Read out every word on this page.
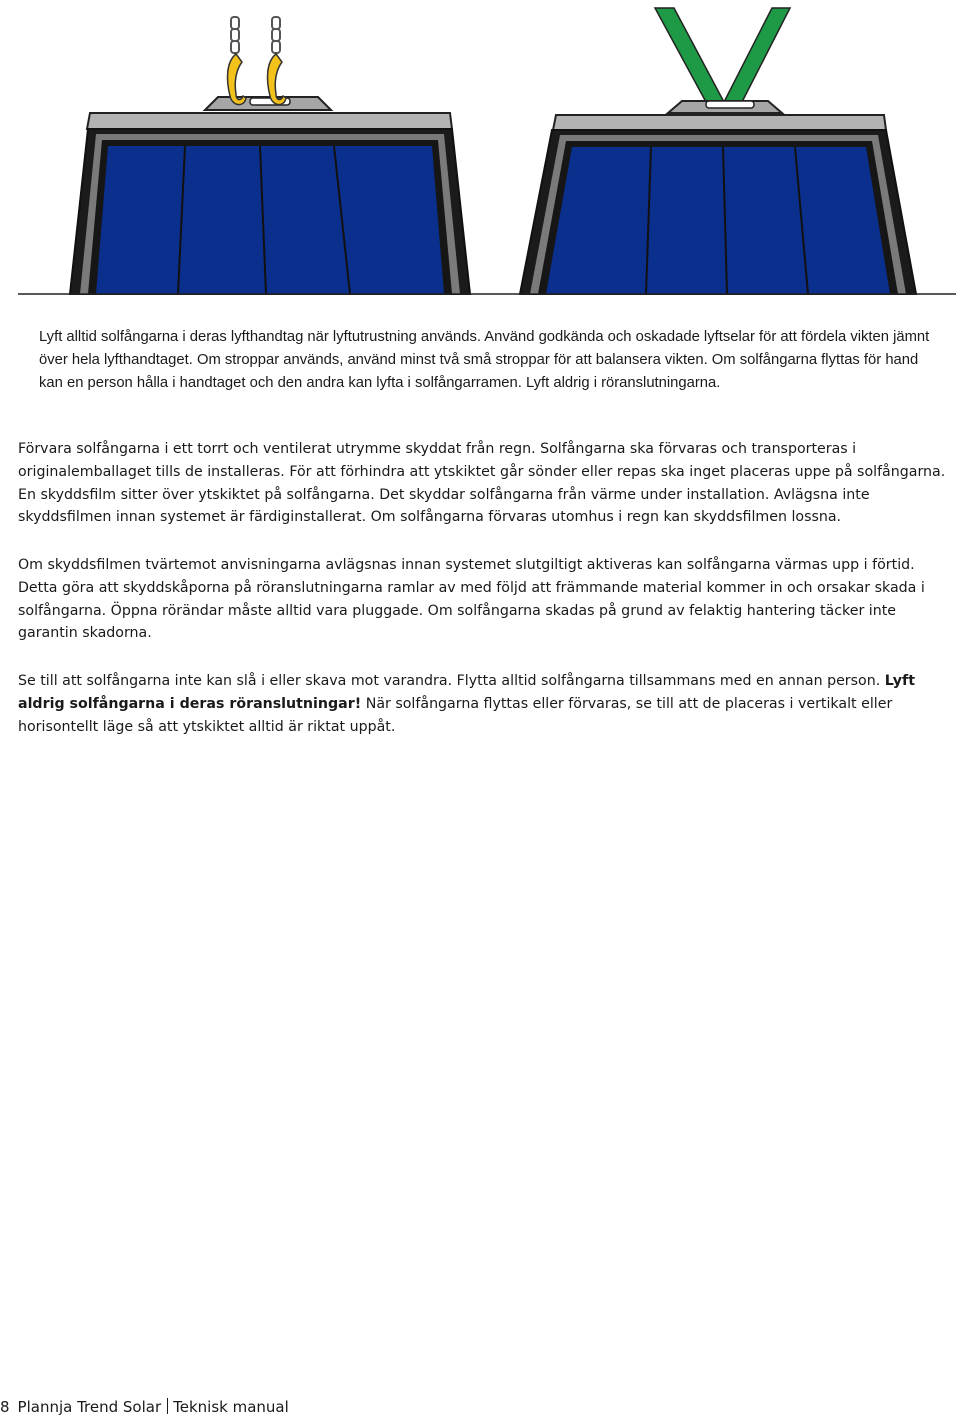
Lyft alltid solfångarna i deras lyfthandtag när lyftutrustning används. Använd godkända och oskadade lyftselar för att fördela vikten jämnt över hela lyfthandtaget. Om stroppar används, använd minst två små stroppar för att balansera vikten. Om solfångarna flyttas för hand kan en person hålla i handtaget och den andra kan lyfta i solfångarramen. Lyft aldrig i röranslutningarna.

Förvara solfångarna i ett torrt och ventilerat utrymme skyddat från regn. Solfångarna ska förvaras och transporteras i originalemballaget tills de installeras. För att förhindra att ytskiktet går sönder eller repas ska inget placeras uppe på solfångarna. En skyddsfilm sitter över ytskiktet på solfångarna. Det skyddar solfångarna från värme under installation. Avlägsna inte skyddsfilmen innan systemet är färdiginstallerat. Om solfångarna förvaras utomhus i regn kan skyddsfilmen lossna.

Om skyddsfilmen tvärtemot anvisningarna avlägsnas innan systemet slutgiltigt aktiveras kan solfångarna värmas upp i förtid. Detta göra att skyddskåporna på röranslutningarna ramlar av med följd att främmande material kommer in och orsakar skada i solfångarna. Öppna rörändar måste alltid vara pluggade. Om solfångarna skadas på grund av felaktig hantering täcker inte garantin skadorna.

Se till att solfångarna inte kan slå i eller skava mot varandra. Flytta alltid solfångarna tillsammans med en annan person. Lyft aldrig solfångarna i deras röranslutningar! När solfångarna flyttas eller förvaras, se till att de placeras i vertikalt eller horisontellt läge så att ytskiktet alltid är riktat uppåt.

8 Plannja Trend Solar Teknisk manual
